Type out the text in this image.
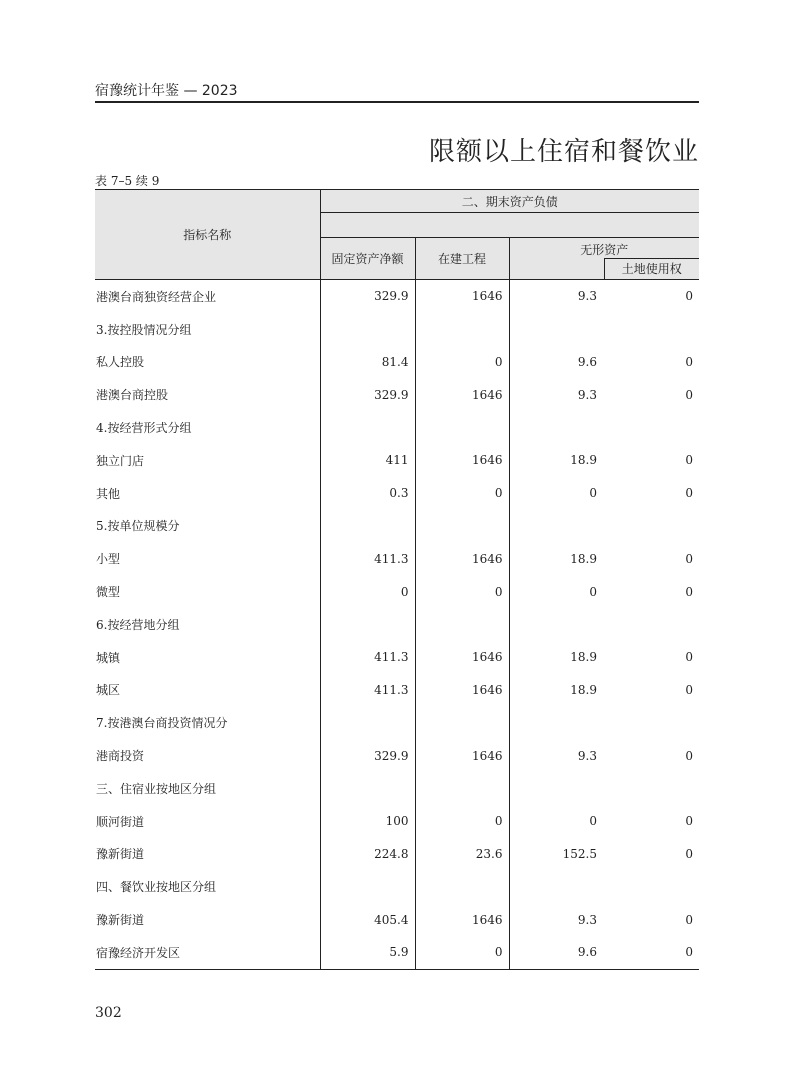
宿豫统计年鉴 — 2023
限额以上住宿和餐饮业
表 7–5 续 9
指标名称	二、期末资产负债		

	固定资产净额	在建工程	无形资产
土地使用权

港澳台商独资经营企业	329.9	1646	9.3 0

3.按控股情况分组			

私人控股	81.4	0	9.6 0

港澳台商控股	329.9	1646	9.3 0

4.按经营形式分组			

独立门店	411	1646	18.9 0

其他	0.3	0	0 0

5.按单位规模分			

小型	411.3	1646	18.9 0

微型	0	0	0 0

6.按经营地分组			

城镇	411.3	1646	18.9 0

城区	411.3	1646	18.9 0

7.按港澳台商投资情况分			

港商投资	329.9	1646	9.3 0

三、住宿业按地区分组			

顺河街道	100	0	0 0

豫新街道	224.8	23.6	152.5 0

四、餐饮业按地区分组			

豫新街道	405.4	1646	9.3 0

宿豫经济开发区	5.9	0	9.6 0
302
